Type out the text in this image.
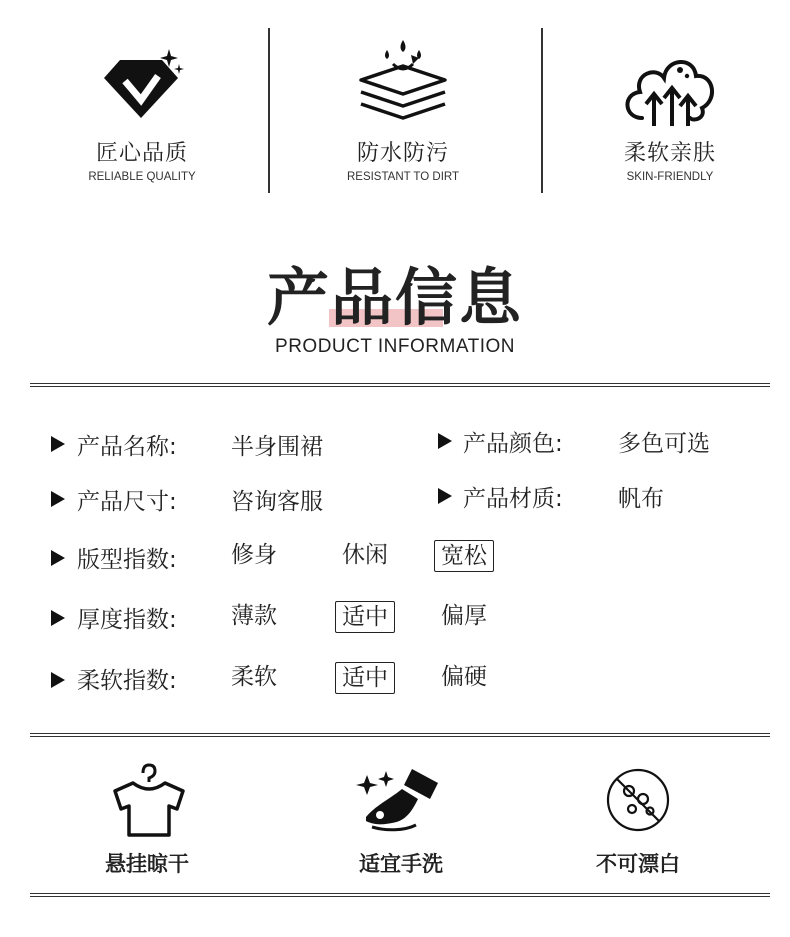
匠心品质
RELIABLE QUALITY
防水防污
RESISTANT TO DIRT
柔软亲肤
SKIN-FRIENDLY
产品信息
PRODUCT INFORMATION
产品名称: 半身围裙	产品颜色: 多色可选
产品尺寸: 咨询客服	产品材质: 帆布
版型指数: 修身	休闲	宽松
厚度指数: 薄款	适中	偏厚
柔软指数: 柔软	适中	偏硬
悬挂晾干	适宜手洗	不可漂白
